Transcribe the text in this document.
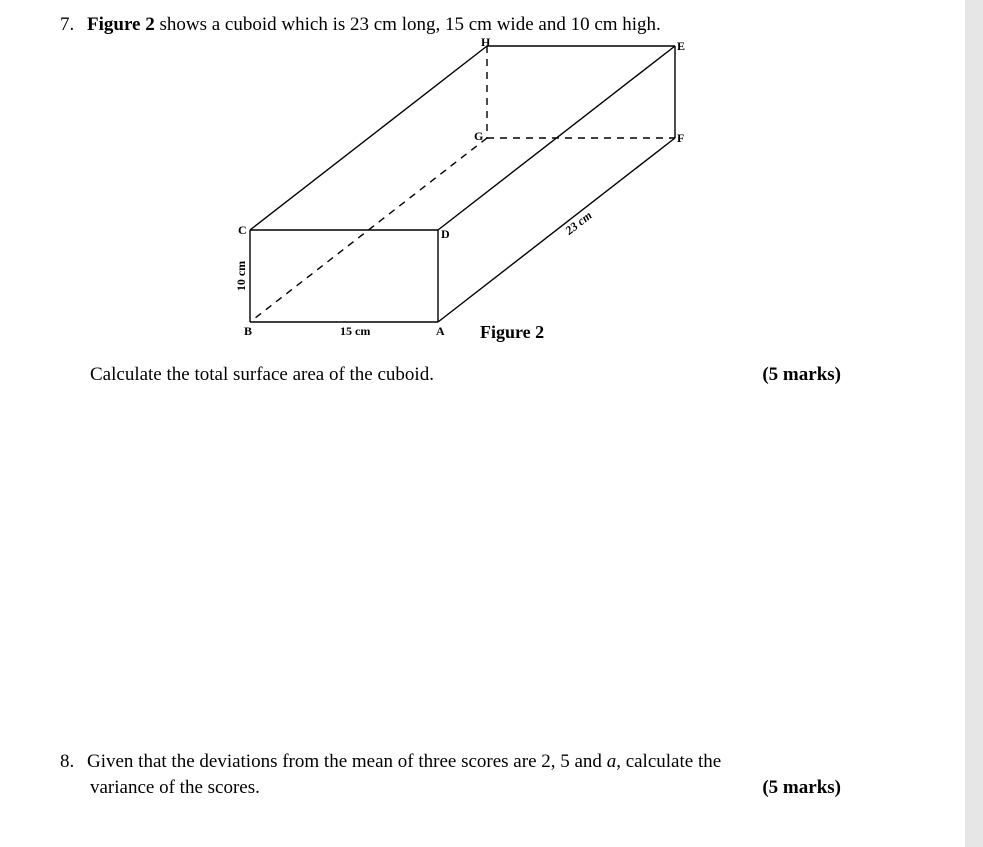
7. Figure 2 shows a cuboid which is 23 cm long, 15 cm wide and 10 cm high.
A
B
C	D
E
F
G
H
15 cm
10 cm
23 cm
Figure 2
Calculate the total surface area of the cuboid.	(5 marks)
8. Given that the deviations from the mean of three scores are 2, 5 and a, calculate the
variance of the scores.	(5 marks)
